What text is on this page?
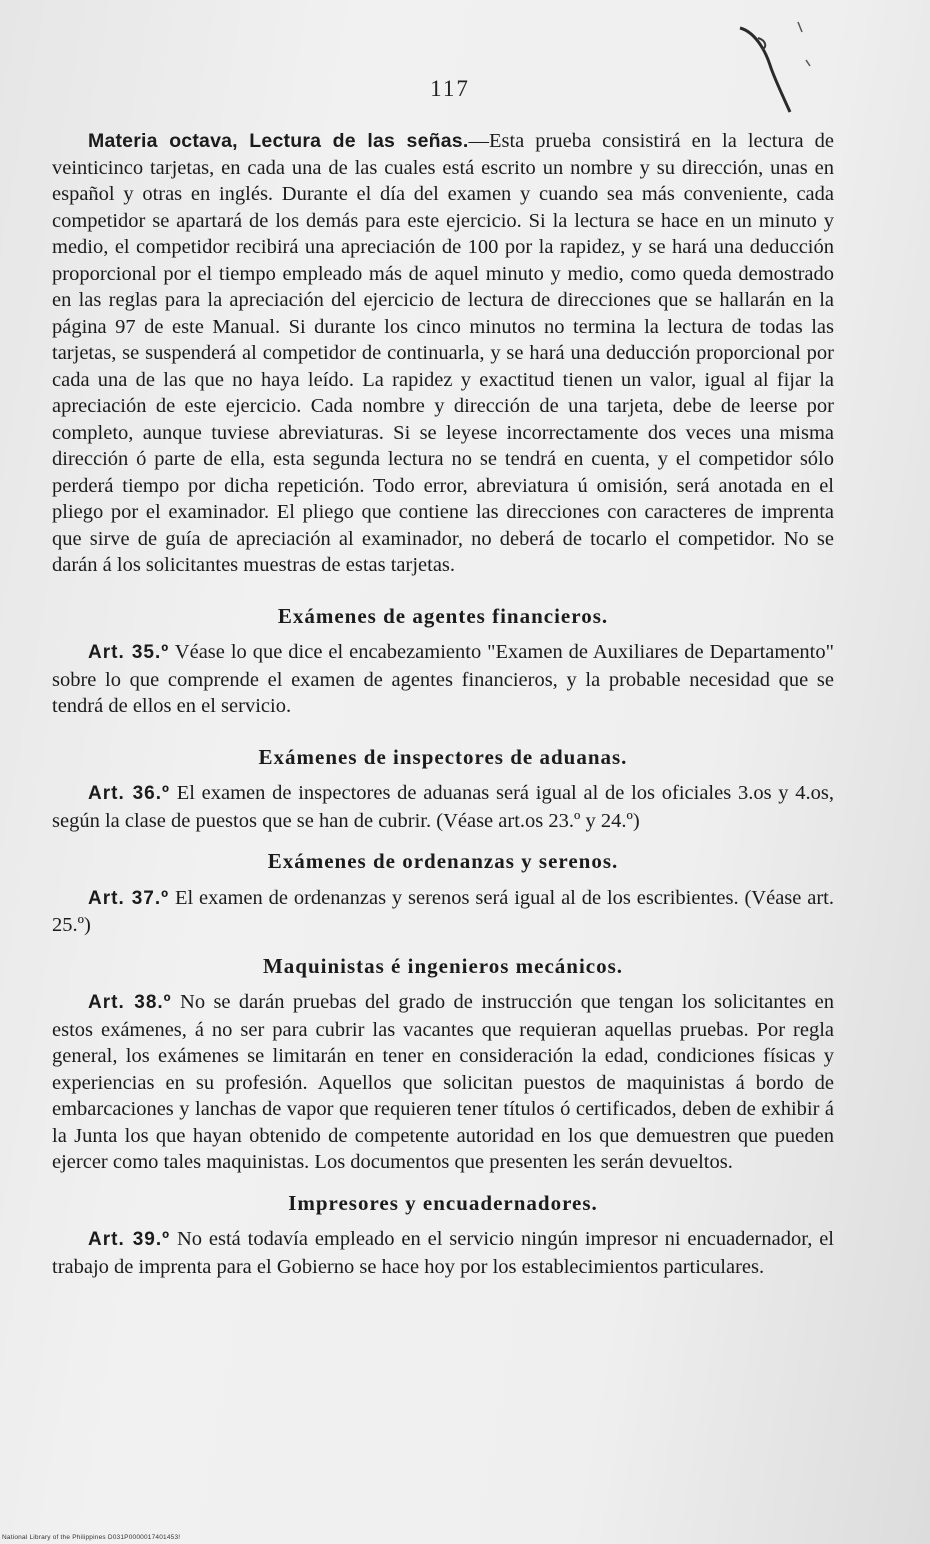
117

Materia octava, Lectura de las señas.—Esta prueba consistirá en la lectura de veinticinco tarjetas, en cada una de las cuales está escrito un nombre y su dirección, unas en español y otras en inglés. Durante el día del examen y cuando sea más conveniente, cada competidor se apartará de los demás para este ejercicio. Si la lectura se hace en un minuto y medio, el competidor recibirá una apreciación de 100 por la rapidez, y se hará una deducción proporcional por el tiempo empleado más de aquel minuto y medio, como queda demostrado en las reglas para la apreciación del ejercicio de lectura de direcciones que se hallarán en la página 97 de este Manual. Si durante los cinco minutos no termina la lectura de todas las tarjetas, se suspenderá al competidor de continuarla, y se hará una deducción proporcional por cada una de las que no haya leído. La rapidez y exactitud tienen un valor, igual al fijar la apreciación de este ejercicio. Cada nombre y dirección de una tarjeta, debe de leerse por completo, aunque tuviese abreviaturas. Si se leyese incorrectamente dos veces una misma dirección ó parte de ella, esta segunda lectura no se tendrá en cuenta, y el competidor sólo perderá tiempo por dicha repetición. Todo error, abreviatura ú omisión, será anotada en el pliego por el examinador. El pliego que contiene las direcciones con caracteres de imprenta que sirve de guía de apreciación al examinador, no deberá de tocarlo el competidor. No se darán á los solicitantes muestras de estas tarjetas.

Exámenes de agentes financieros.

Art. 35.º Véase lo que dice el encabezamiento "Examen de Auxiliares de Departamento" sobre lo que comprende el examen de agentes financieros, y la probable necesidad que se tendrá de ellos en el servicio.

Exámenes de inspectores de aduanas.

Art. 36.º El examen de inspectores de aduanas será igual al de los oficiales 3.os y 4.os, según la clase de puestos que se han de cubrir. (Véase art.os 23.º y 24.º)

Exámenes de ordenanzas y serenos.

Art. 37.º El examen de ordenanzas y serenos será igual al de los escribientes. (Véase art. 25.º)

Maquinistas é ingenieros mecánicos.

Art. 38.º No se darán pruebas del grado de instrucción que tengan los solicitantes en estos exámenes, á no ser para cubrir las vacantes que requieran aquellas pruebas. Por regla general, los exámenes se limitarán en tener en consideración la edad, condiciones físicas y experiencias en su profesión. Aquellos que solicitan puestos de maquinistas á bordo de embarcaciones y lanchas de vapor que requieren tener títulos ó certificados, deben de exhibir á la Junta los que hayan obtenido de competente autoridad en los que demuestren que pueden ejercer como tales maquinistas. Los documentos que presenten les serán devueltos.

Impresores y encuadernadores.

Art. 39.º No está todavía empleado en el servicio ningún impresor ni encuadernador, el trabajo de imprenta para el Gobierno se hace hoy por los establecimientos particulares.

National Library of the Philippines D031P0000017401453!
